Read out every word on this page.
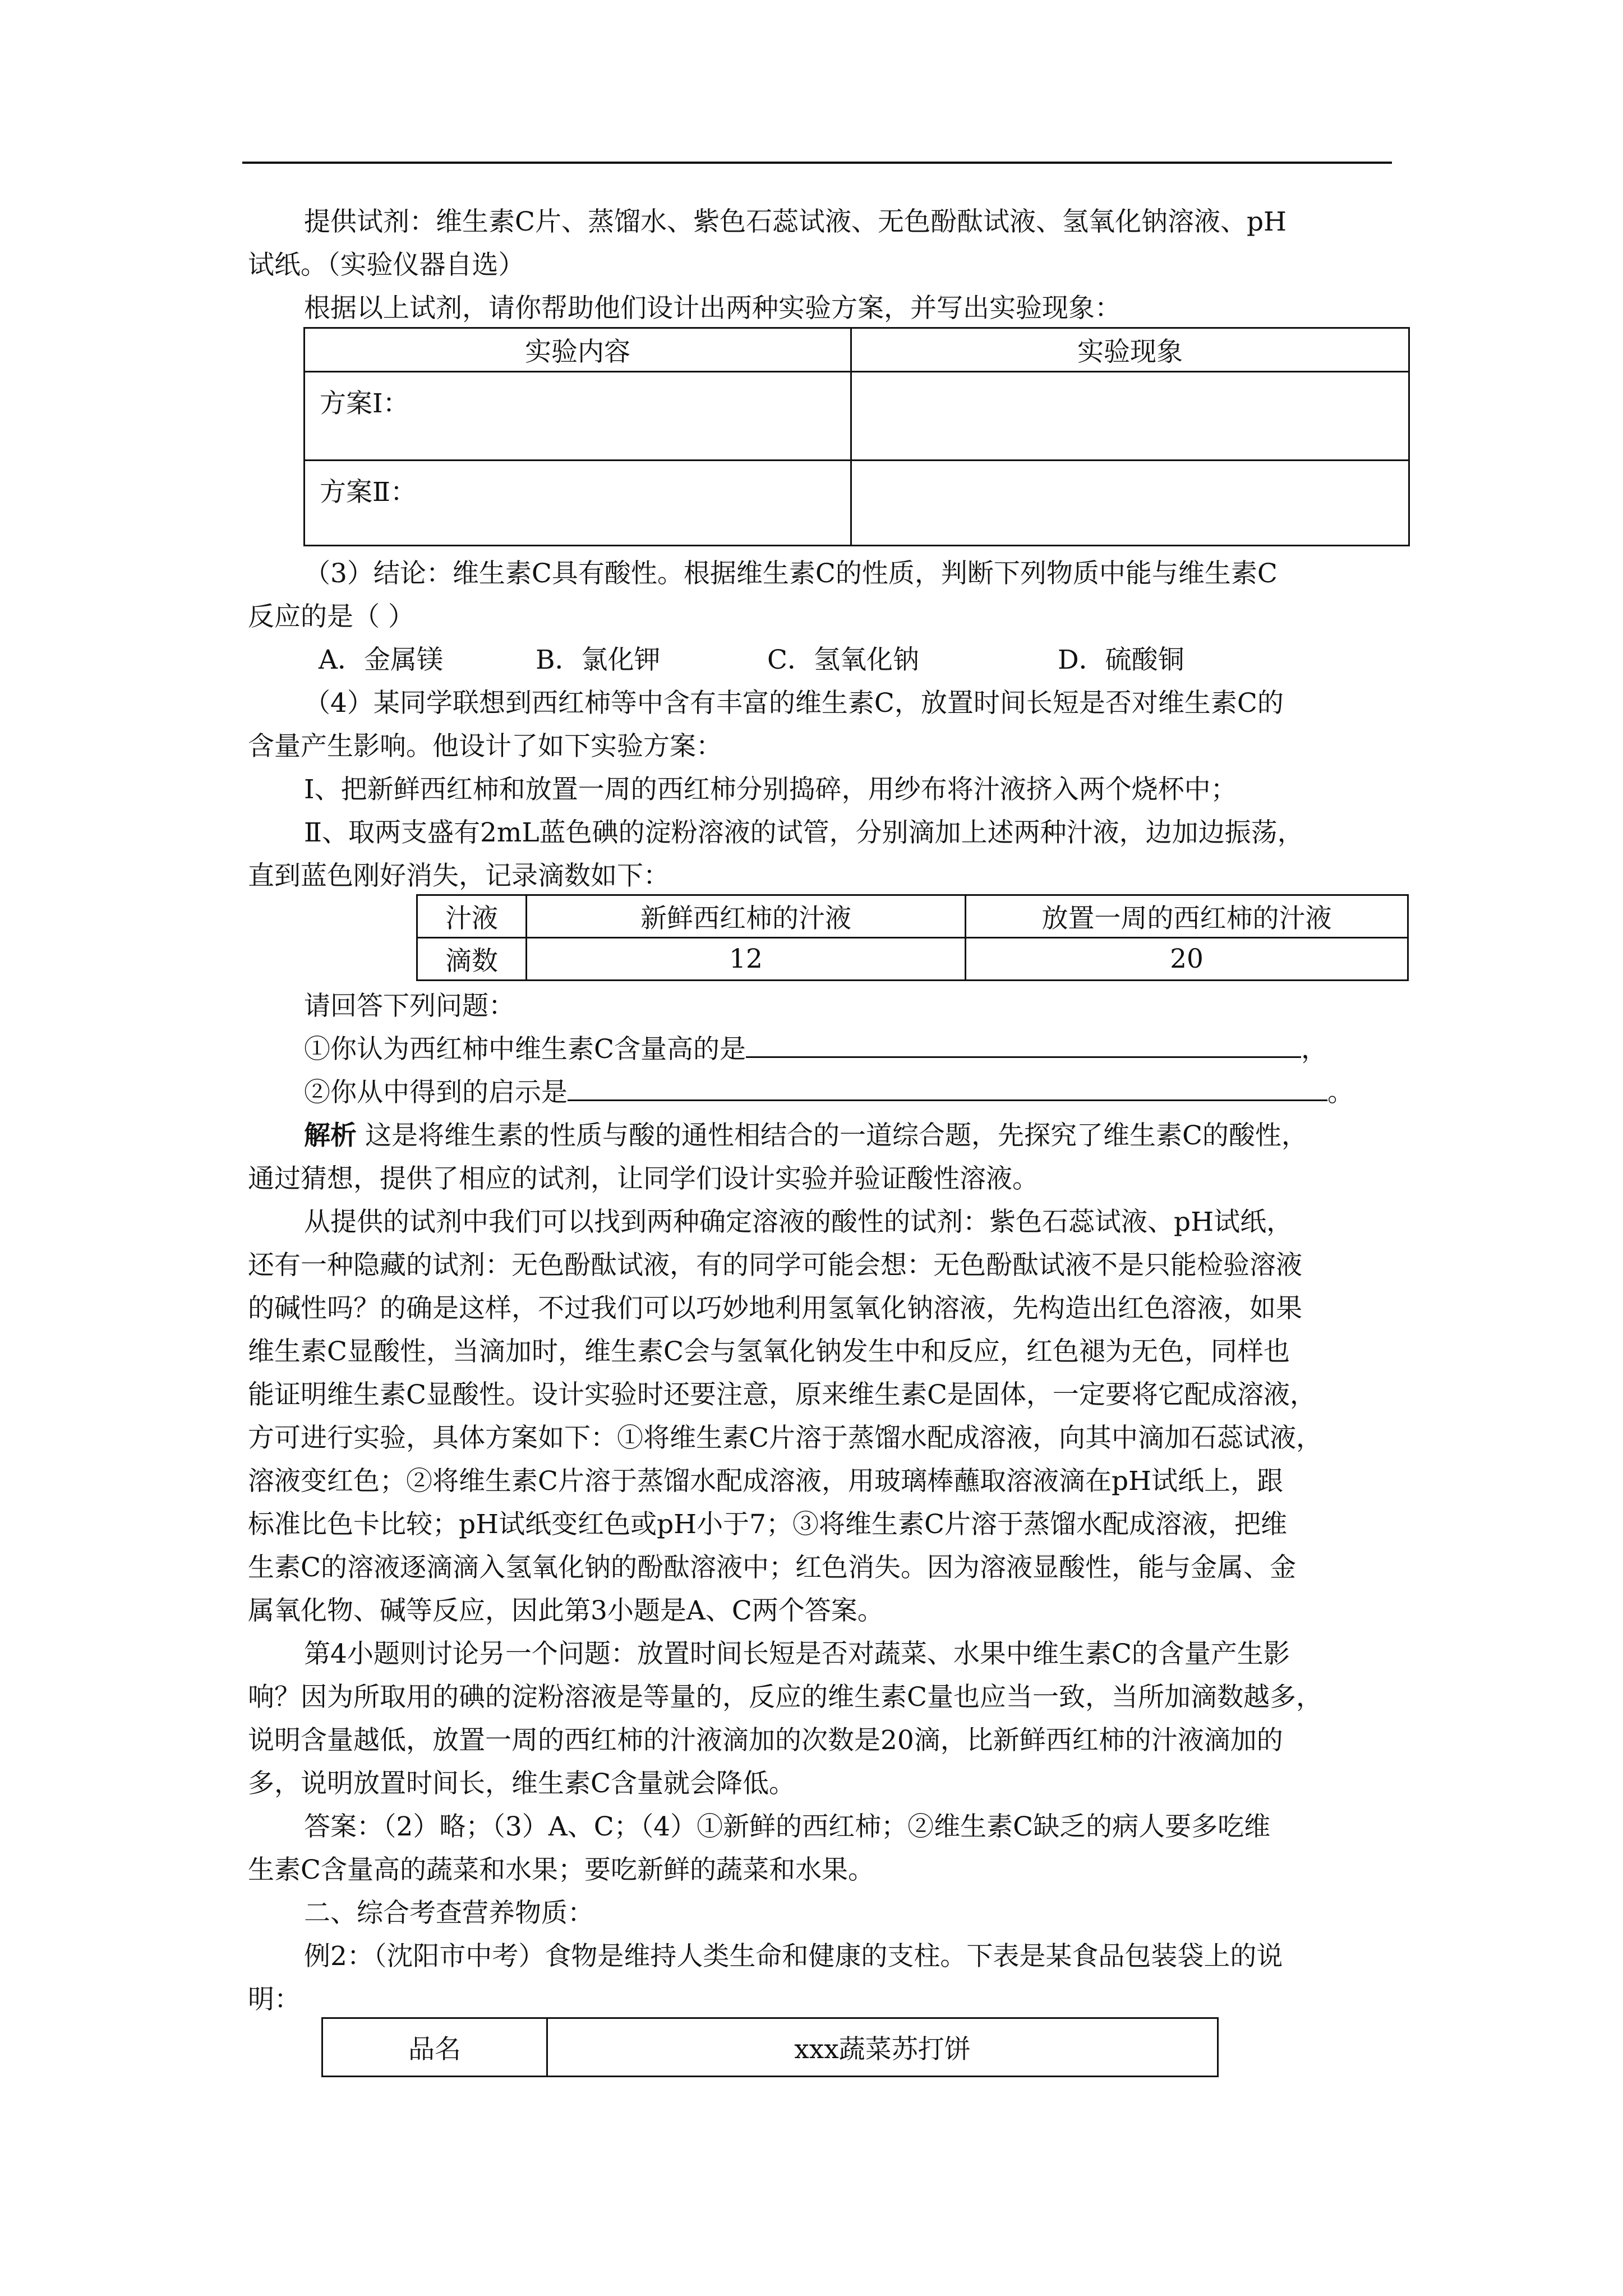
提供试剂：维生素C片、蒸馏水、紫色石蕊试液、无色酚酞试液、氢氧化钠溶液、pH
试纸。（实验仪器自选）
根据以上试剂，请你帮助他们设计出两种实验方案，并写出实验现象：
实验内容	实验现象
方案Ⅰ：	
方案Ⅱ：	
（3）结论：维生素C具有酸性。根据维生素C的性质，判断下列物质中能与维生素C
反应的是（ ）
A．金属镁	B．氯化钾	C．氢氧化钠	D．硫酸铜
（4）某同学联想到西红柿等中含有丰富的维生素C，放置时间长短是否对维生素C的
含量产生影响。他设计了如下实验方案：
Ⅰ、把新鲜西红柿和放置一周的西红柿分别捣碎，用纱布将汁液挤入两个烧杯中；
Ⅱ、取两支盛有2mL蓝色碘的淀粉溶液的试管，分别滴加上述两种汁液，边加边振荡，
直到蓝色刚好消失，记录滴数如下：
汁液	新鲜西红柿的汁液	放置一周的西红柿的汁液
滴数	12	20
请回答下列问题：
①你认为西红柿中维生素C含量高的是	，
②你从中得到的启示是	。
解析 这是将维生素的性质与酸的通性相结合的一道综合题，先探究了维生素C的酸性，
通过猜想，提供了相应的试剂，让同学们设计实验并验证酸性溶液。
从提供的试剂中我们可以找到两种确定溶液的酸性的试剂：紫色石蕊试液、pH试纸，
还有一种隐藏的试剂：无色酚酞试液，有的同学可能会想：无色酚酞试液不是只能检验溶液
的碱性吗？的确是这样，不过我们可以巧妙地利用氢氧化钠溶液，先构造出红色溶液，如果
维生素C显酸性，当滴加时，维生素C会与氢氧化钠发生中和反应，红色褪为无色，同样也
能证明维生素C显酸性。设计实验时还要注意，原来维生素C是固体，一定要将它配成溶液，
方可进行实验，具体方案如下：①将维生素C片溶于蒸馏水配成溶液，向其中滴加石蕊试液，
溶液变红色；②将维生素C片溶于蒸馏水配成溶液，用玻璃棒蘸取溶液滴在pH试纸上，跟
标准比色卡比较；pH试纸变红色或pH小于7；③将维生素C片溶于蒸馏水配成溶液，把维
生素C的溶液逐滴滴入氢氧化钠的酚酞溶液中；红色消失。因为溶液显酸性，能与金属、金
属氧化物、碱等反应，因此第3小题是A、C两个答案。
第4小题则讨论另一个问题：放置时间长短是否对蔬菜、水果中维生素C的含量产生影
响？因为所取用的碘的淀粉溶液是等量的，反应的维生素C量也应当一致，当所加滴数越多，
说明含量越低，放置一周的西红柿的汁液滴加的次数是20滴，比新鲜西红柿的汁液滴加的
多，说明放置时间长，维生素C含量就会降低。
答案：（2）略；（3）A、C；（4）①新鲜的西红柿；②维生素C缺乏的病人要多吃维
生素C含量高的蔬菜和水果；要吃新鲜的蔬菜和水果。
二、综合考查营养物质：
例2：（沈阳市中考）食物是维持人类生命和健康的支柱。下表是某食品包装袋上的说
明：
品名	xxx蔬菜苏打饼
